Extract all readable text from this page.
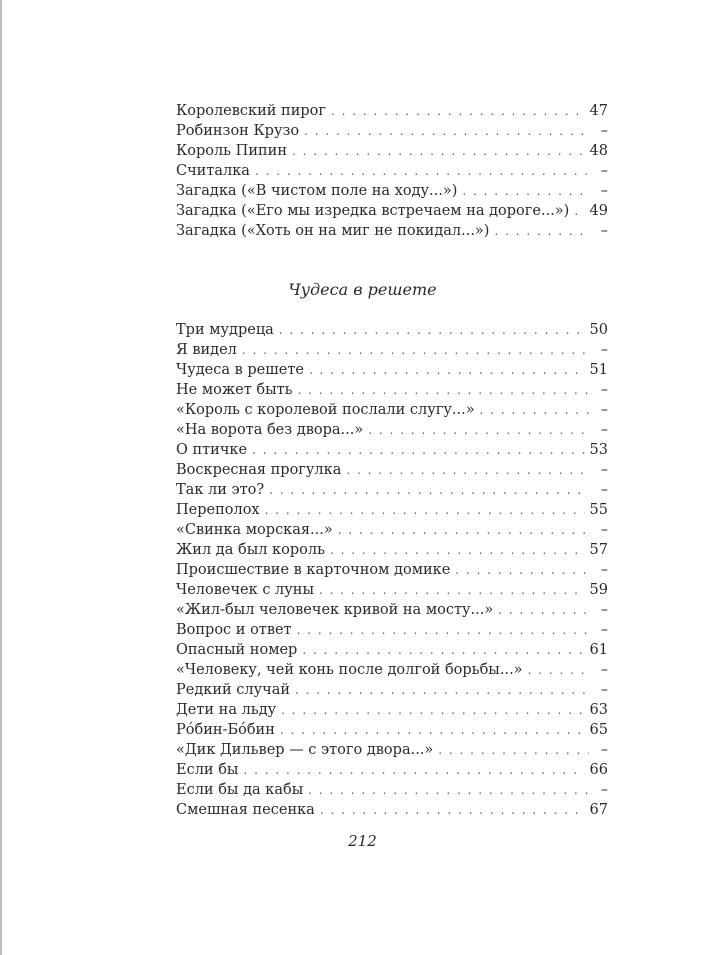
Королевский пирог . . .	47
Робинзон Крузо . . .	–
Король Пипин . . .	48
Считалка . . .	–
Загадка («В чистом поле на ходу...») . . .	–
Загадка («Его мы изредка встречаем на дороге...») . . . 49
Загадка («Хоть он на миг не покидал...») . . .	–
Чудеса в решете
Три мудреца . . .	50
Я видел . . .	–
Чудеса в решете . . .	51
Не может быть . . .	–
«Король с королевой послали слугу...» . . .	–
«На ворота без двора...» . . .	–
О птичке . . .	53
Воскресная прогулка . . .	–
Так ли это? . . .	–
Переполох . . .	55
«Свинка морская...» . . .	–
Жил да был король . . .	57
Происшествие в карточном домике . . .	–
Человечек с луны . . .	59
«Жил-был человечек кривой на мосту...» . . .	–
Вопрос и ответ . . .	–
Опасный номер . . .	61
«Человеку, чей конь после долгой борьбы...» . . .	–
Редкий случай . . .	–
Дети на льду . . .	63
Рóбин-Бóбин . . .	65
«Дик Дильвер — с этого двора...» . . .	–
Если бы . . .	66
Если бы да кабы . . .	–
Смешная песенка . . .	67
212
